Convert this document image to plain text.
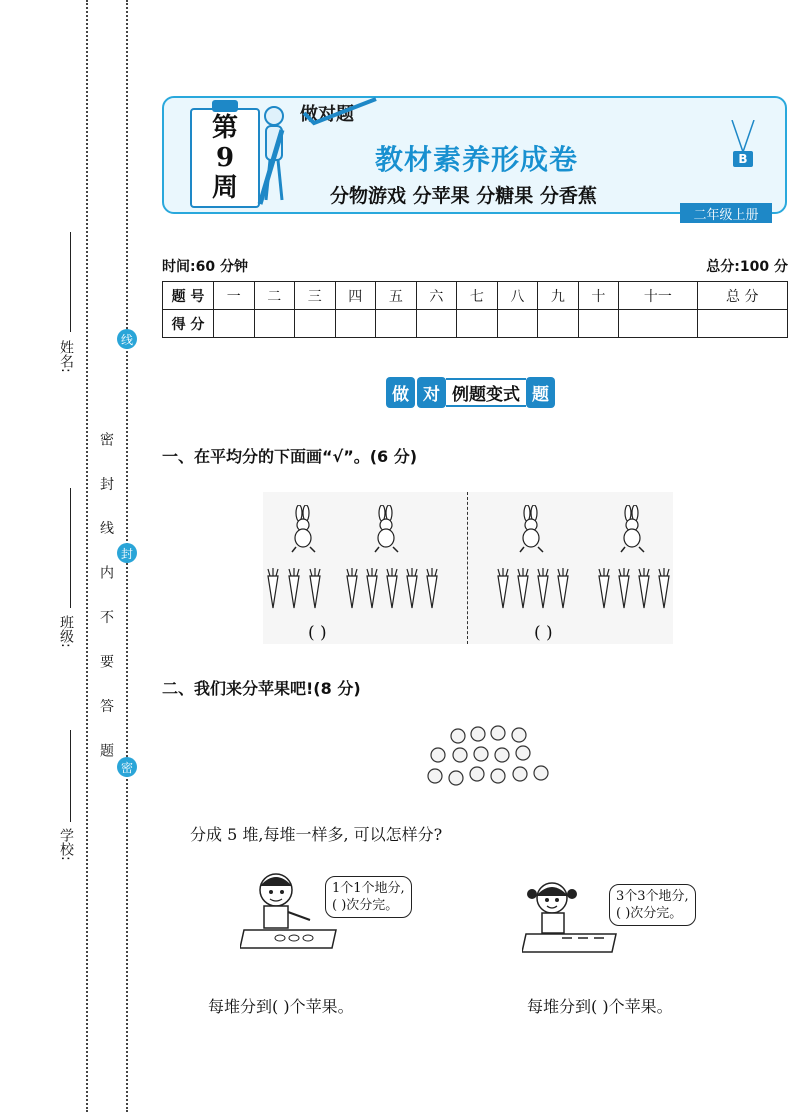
姓名:
班级:
学校:
密 封 线 内 不 要 答 题
线
封
密
第
9
周
做对题
教材素养形成卷
分物游戏 分苹果 分糖果 分香蕉
B
二年级上册
时间:60 分钟	总分:100 分
题 号	一	二	三	四	五	六	七	八	九	十	十一	总 分
得 分												
做 对 例题变式 题
一、在平均分的下面画“√”。(6 分)
( )	( )
二、我们来分苹果吧!(8 分)
分成 5 堆,每堆一样多, 可以怎样分?
1个1个地分,
( )次分完。
3个3个地分,
( )次分完。
每堆分到( )个苹果。	每堆分到( )个苹果。
